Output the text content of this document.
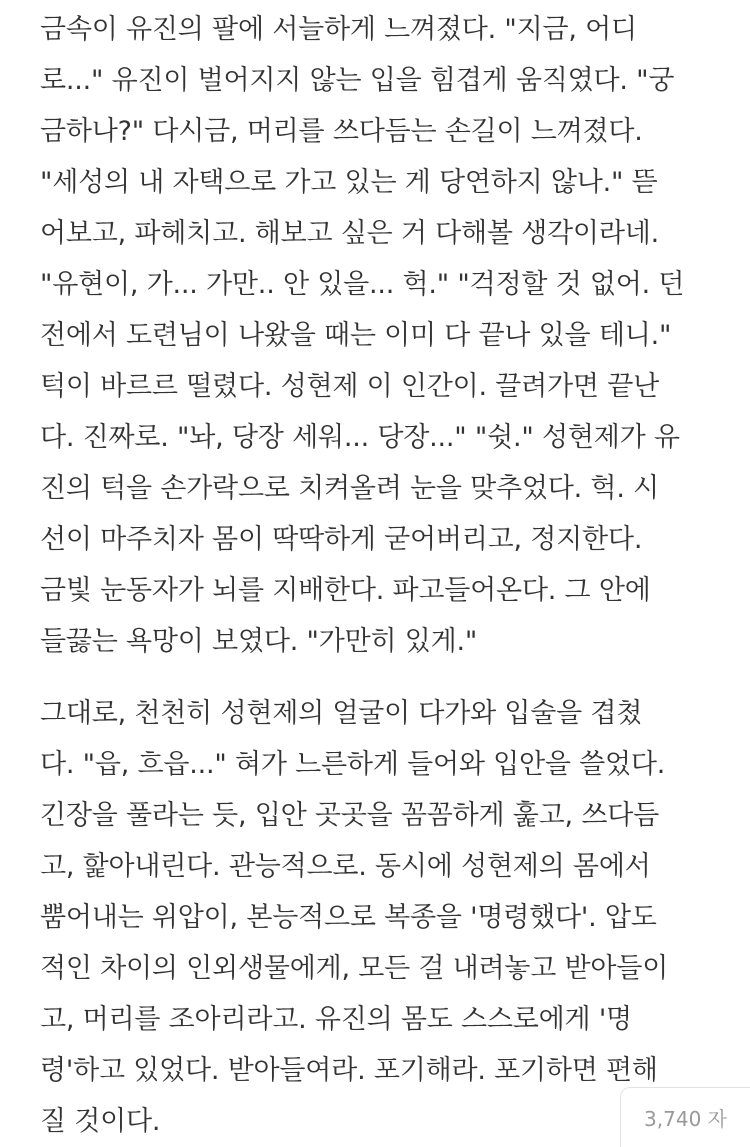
금속이 유진의 팔에 서늘하게 느껴졌다. "지금, 어디
로..." 유진이 벌어지지 않는 입을 힘겹게 움직였다. "궁
금하나?" 다시금, 머리를 쓰다듬는 손길이 느껴졌다.
"세성의 내 자택으로 가고 있는 게 당연하지 않나." 뜯
어보고, 파헤치고. 해보고 싶은 거 다해볼 생각이라네.
"유현이, 가... 가만.. 안 있을... 헉." "걱정할 것 없어. 던
전에서 도련님이 나왔을 때는 이미 다 끝나 있을 테니."
턱이 바르르 떨렸다. 성현제 이 인간이. 끌려가면 끝난
다. 진짜로. "놔, 당장 세워... 당장..." "쉿." 성현제가 유
진의 턱을 손가락으로 치켜올려 눈을 맞추었다. 헉. 시
선이 마주치자 몸이 딱딱하게 굳어버리고, 정지한다.
금빛 눈동자가 뇌를 지배한다. 파고들어온다. 그 안에
들끓는 욕망이 보였다. "가만히 있게."
그대로, 천천히 성현제의 얼굴이 다가와 입술을 겹쳤
다. "읍, 흐읍..." 혀가 느른하게 들어와 입안을 쓸었다.
긴장을 풀라는 듯, 입안 곳곳을 꼼꼼하게 훑고, 쓰다듬
고, 핥아내린다. 관능적으로. 동시에 성현제의 몸에서
뿜어내는 위압이, 본능적으로 복종을 '명령했다'. 압도
적인 차이의 인외생물에게, 모든 걸 내려놓고 받아들이
고, 머리를 조아리라고. 유진의 몸도 스스로에게 '명
령'하고 있었다. 받아들여라. 포기해라. 포기하면 편해
질 것이다.	3,740 자
